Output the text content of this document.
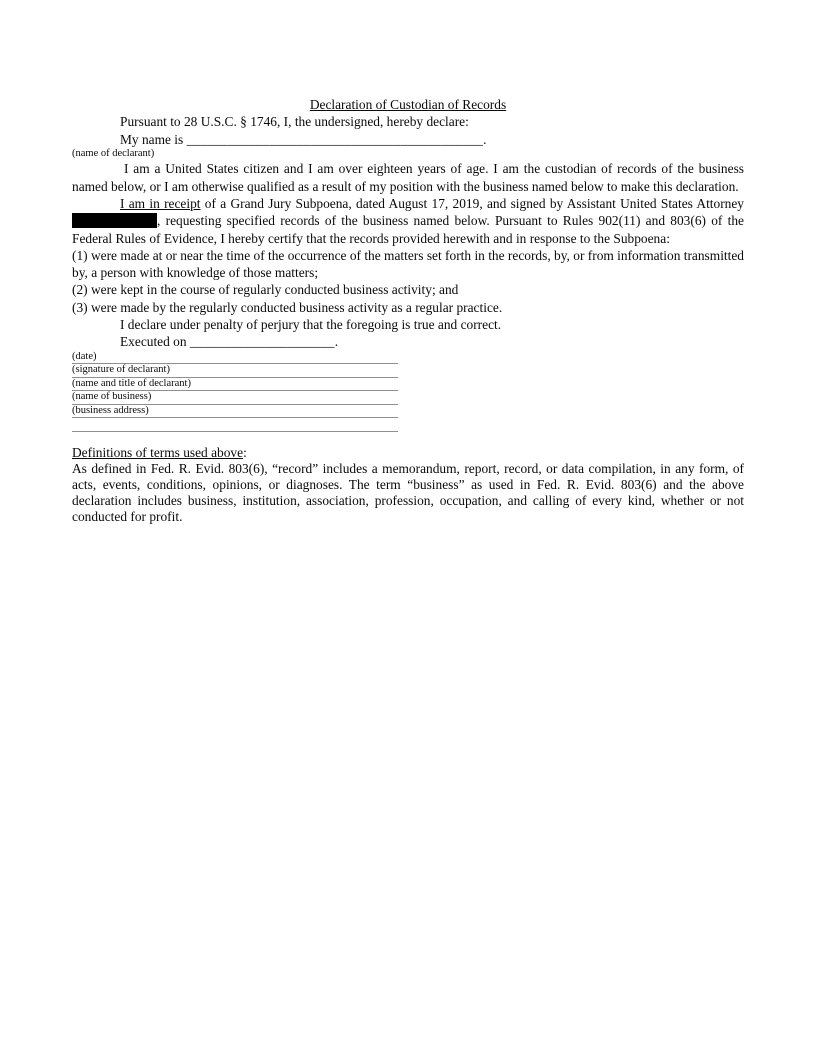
Declaration of Custodian of Records

Pursuant to 28 U.S.C. § 1746, I, the undersigned, hereby declare:

My name is ___________________________________________.
(name of declarant)

I am a United States citizen and I am over eighteen years of age. I am the custodian of records of the business named below, or I am otherwise qualified as a result of my position with the business named below to make this declaration.

I am in receipt of a Grand Jury Subpoena, dated August 17, 2019, and signed by Assistant United States Attorney , requesting specified records of the business named below. Pursuant to Rules 902(11) and 803(6) of the Federal Rules of Evidence, I hereby certify that the records provided herewith and in response to the Subpoena:

(1) were made at or near the time of the occurrence of the matters set forth in the records, by, or from information transmitted by, a person with knowledge of those matters;

(2) were kept in the course of regularly conducted business activity; and

(3) were made by the regularly conducted business activity as a regular practice.

I declare under penalty of perjury that the foregoing is true and correct.

Executed on _____________________.
(date)
(signature of declarant)
(name and title of declarant)
(name of business)
(business address)
Definitions of terms used above:

As defined in Fed. R. Evid. 803(6), “record” includes a memorandum, report, record, or data compilation, in any form, of acts, events, conditions, opinions, or diagnoses. The term “business” as used in Fed. R. Evid. 803(6) and the above declaration includes business, institution, association, profession, occupation, and calling of every kind, whether or not conducted for profit.
